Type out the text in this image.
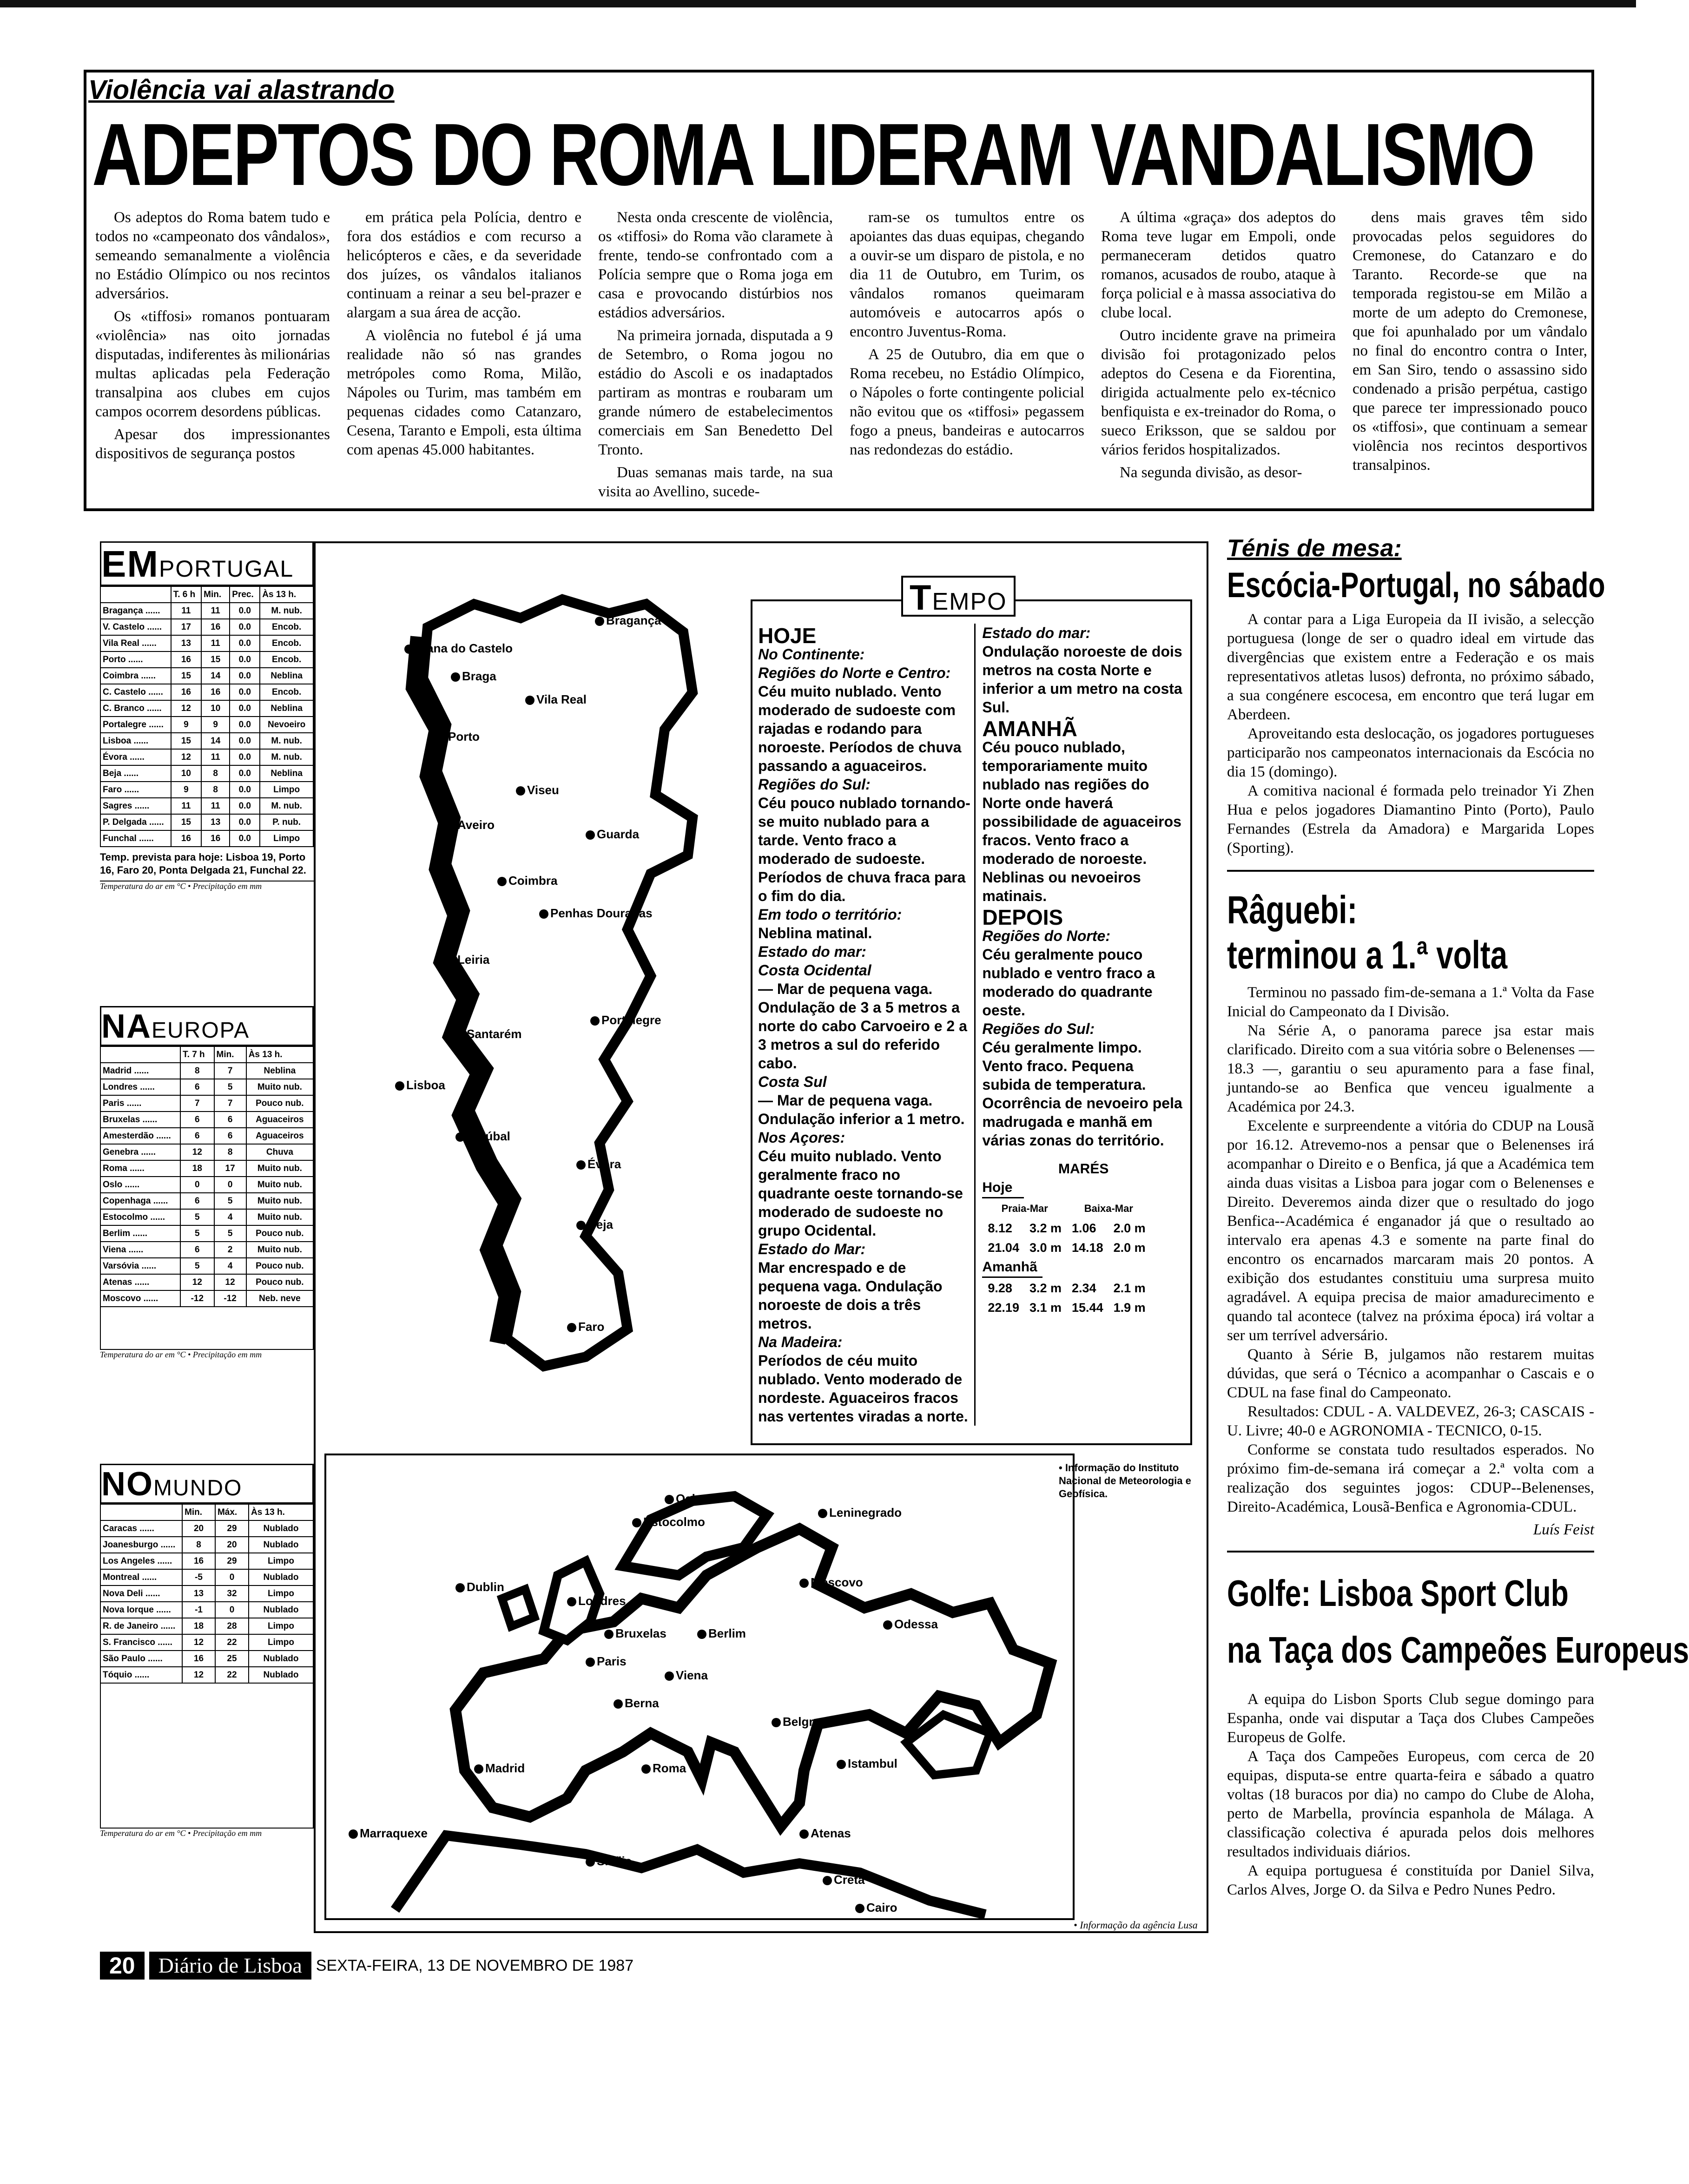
Violência vai alastrando
ADEPTOS DO ROMA LIDERAM VANDALISMO

Os adeptos do Roma batem tudo e todos no «campeonato dos vândalos», semeando semanalmente a violência no Estádio Olímpico ou nos recintos adversários.

Os «tiffosi» romanos pontuaram «violência» nas oito jornadas disputadas, indiferentes às milionárias multas aplicadas pela Federação transalpina aos clubes em cujos campos ocorrem desordens públicas.

Apesar dos impressionantes dispositivos de segurança postos

em prática pela Polícia, dentro e fora dos estádios e com recurso a helicópteros e cães, e da severidade dos juízes, os vândalos italianos continuam a reinar a seu bel-prazer e alargam a sua área de acção.

A violência no futebol é já uma realidade não só nas grandes metrópoles como Roma, Milão, Nápoles ou Turim, mas também em pequenas cidades como Catanzaro, Cesena, Taranto e Empoli, esta última com apenas 45.000 habitantes.

Nesta onda crescente de violência, os «tiffosi» do Roma vão claramete à frente, tendo-se confrontado com a Polícia sempre que o Roma joga em casa e provocando distúrbios nos estádios adversários.

Na primeira jornada, disputada a 9 de Setembro, o Roma jogou no estádio do Ascoli e os inadaptados partiram as montras e roubaram um grande número de estabelecimentos comerciais em San Benedetto Del Tronto.

Duas semanas mais tarde, na sua visita ao Avellino, sucede-

ram-se os tumultos entre os apoiantes das duas equipas, chegando a ouvir-se um disparo de pistola, e no dia 11 de Outubro, em Turim, os vândalos romanos queimaram automóveis e autocarros após o encontro Juventus-Roma.

A 25 de Outubro, dia em que o Roma recebeu, no Estádio Olímpico, o Nápoles o forte contingente policial não evitou que os «tiffosi» pegassem fogo a pneus, bandeiras e autocarros nas redondezas do estádio.

A última «graça» dos adeptos do Roma teve lugar em Empoli, onde permaneceram detidos quatro romanos, acusados de roubo, ataque à força policial e à massa associativa do clube local.

Outro incidente grave na primeira divisão foi protagonizado pelos adeptos do Cesena e da Fiorentina, dirigida actualmente pelo ex-técnico benfiquista e ex-treinador do Roma, o sueco Eriksson, que se saldou por vários feridos hospitalizados.

Na segunda divisão, as desor-

dens mais graves têm sido provocadas pelos seguidores do Cremonese, do Catanzaro e do Taranto. Recorde-se que na temporada registou-se em Milão a morte de um adepto do Cremonese, que foi apunhalado por um vândalo no final do encontro contra o Inter, em San Siro, tendo o assassino sido condenado a prisão perpétua, castigo que parece ter impressionado pouco os «tiffosi», que continuam a semear violência nos recintos desportivos transalpinos.

EMPORTUGAL
	T. 6 h	Min.	Prec.	Às 13 h.
Bragança ......	11	11	0.0	M. nub.
V. Castelo ......	17	16	0.0	Encob.
Vila Real ......	13	11	0.0	Encob.
Porto ......	16	15	0.0	Encob.
Coimbra ......	15	14	0.0	Neblina
C. Castelo ......	16	16	0.0	Encob.
C. Branco ......	12	10	0.0	Neblina
Portalegre ......	9	9	0.0	Nevoeiro
Lisboa ......	15	14	0.0	M. nub.
Évora ......	12	11	0.0	M. nub.
Beja ......	10	8	0.0	Neblina
Faro ......	9	8	0.0	Limpo
Sagres ......	11	11	0.0	M. nub.
P. Delgada ......	15	13	0.0	P. nub.
Funchal ......	16	16	0.0	Limpo
Temp. prevista para hoje: Lisboa 19, Porto 16, Faro 20, Ponta Delgada 21, Funchal 22.
Temperatura do ar em °C • Precipitação em mm
NAEUROPA
	T. 7 h	Min.	Às 13 h.
Madrid ......	8	7	Neblina
Londres ......	6	5	Muito nub.
Paris ......	7	7	Pouco nub.
Bruxelas ......	6	6	Aguaceiros
Amesterdão ......	6	6	Aguaceiros
Genebra ......	12	8	Chuva
Roma ......	18	17	Muito nub.
Oslo ......	0	0	Muito nub.
Copenhaga ......	6	5	Muito nub.
Estocolmo ......	5	4	Muito nub.
Berlim ......	5	5	Pouco nub.
Viena ......	6	2	Muito nub.
Varsóvia ......	5	4	Pouco nub.
Atenas ......	12	12	Pouco nub.
Moscovo ......	-12	-12	Neb. neve
Temperatura do ar em °C • Precipitação em mm
NOMUNDO
	Min.	Máx.	Às 13 h.
Caracas ......	20	29	Nublado
Joanesburgo ......	8	20	Nublado
Los Angeles ......	16	29	Limpo
Montreal ......	-5	0	Nublado
Nova Deli ......	13	32	Limpo
Nova Iorque ......	-1	0	Nublado
R. de Janeiro ......	18	28	Limpo
S. Francisco ......	12	22	Limpo
São Paulo ......	16	25	Nublado
Tóquio ......	12	22	Nublado
Temperatura do ar em °C • Precipitação em mm
Bragança
Viana do Castelo
Braga
Vila Real
Porto
Viseu
Aveiro
Guarda
Coimbra
Penhas Douradas
Leiria
Santarém
Portalegre
Lisboa
Setúbal
Évora
Beja
Faro
TEMPO
HOJE
No Continente:
Regiões do Norte e Centro:
Céu muito nublado. Vento moderado de sudoeste com rajadas e rodando para noroeste. Períodos de chuva passando a aguaceiros.
Regiões do Sul:
Céu pouco nublado tornando-se muito nublado para a tarde. Vento fraco a moderado de sudoeste. Períodos de chuva fraca para o fim do dia.
Em todo o território:
Neblina matinal.
Estado do mar:
Costa Ocidental
— Mar de pequena vaga. Ondulação de 3 a 5 metros a norte do cabo Carvoeiro e 2 a 3 metros a sul do referido cabo.
Costa Sul
— Mar de pequena vaga. Ondulação inferior a 1 metro.
Nos Açores:
Céu muito nublado. Vento geralmente fraco no quadrante oeste tornando-se moderado de sudoeste no grupo Ocidental.
Estado do Mar:
Mar encrespado e de pequena vaga. Ondulação noroeste de dois a três metros.
Na Madeira:
Períodos de céu muito nublado. Vento moderado de nordeste. Aguaceiros fracos nas vertentes viradas a norte.
Estado do mar:
Ondulação noroeste de dois metros na costa Norte e inferior a um metro na costa Sul.
AMANHÃ
Céu pouco nublado, temporariamente muito nublado nas regiões do Norte onde haverá possibilidade de aguaceiros fracos. Vento fraco a moderado de noroeste. Neblinas ou nevoeiros matinais.
DEPOIS
Regiões do Norte:
Céu geralmente pouco nublado e ventro fraco a moderado do quadrante oeste.
Regiões do Sul:
Céu geralmente limpo. Vento fraco. Pequena subida de temperatura. Ocorrência de nevoeiro pela madrugada e manhã em várias zonas do território.
MARÉS
Hoje
Praia-Mar		Baixa-Mar	
8.12	3.2 m	1.06	2.0 m
21.04	3.0 m	14.18	2.0 m
Amanhã
9.28	3.2 m	2.34	2.1 m
22.19	3.1 m	15.44	1.9 m
• Informação do Instituto Nacional de Meteorologia e Geofísica.
Oslo
Estocolmo
Leninegrado
Dublin
Londres
Moscovo
Bruxelas	Berlim
Paris
Odessa
Viena
Berna
Belgrado
Madrid	Roma	Istambul
Marraquexe
Sicília
Atenas
Creta
Cairo
• Informação da agência Lusa
Ténis de mesa:
Escócia-Portugal, no sábado

A contar para a Liga Europeia da II ivisão, a selecção portuguesa (longe de ser o quadro ideal em virtude das divergências que existem entre a Federação e os mais representativos atletas lusos) defronta, no próximo sábado, a sua congénere escocesa, em encontro que terá lugar em Aberdeen.

Aproveitando esta deslocação, os jogadores portugueses participarão nos campeonatos internacionais da Escócia no dia 15 (domingo).

A comitiva nacional é formada pelo treinador Yi Zhen Hua e pelos jogadores Diamantino Pinto (Porto), Paulo Fernandes (Estrela da Amadora) e Margarida Lopes (Sporting).

Râguebi:
terminou a 1.ª volta

Terminou no passado fim-de-semana a 1.ª Volta da Fase Inicial do Campeonato da I Divisão.

Na Série A, o panorama parece jsa estar mais clarificado. Direito com a sua vitória sobre o Belenenses — 18.3 —, garantiu o seu apuramento para a fase final, juntando-se ao Benfica que venceu igualmente a Académica por 24.3.

Excelente e surpreendente a vitória do CDUP na Lousã por 16.12. Atrevemo-nos a pensar que o Belenenses irá acompanhar o Direito e o Benfica, já que a Académica tem ainda duas visitas a Lisboa para jogar com o Belenenses e Direito. Deveremos ainda dizer que o resultado do jogo Benfica--Académica é enganador já que o resultado ao intervalo era apenas 4.3 e somente na parte final do encontro os encarnados marcaram mais 20 pontos. A exibição dos estudantes constituiu uma surpresa muito agradável. A equipa precisa de maior amadurecimento e quando tal acontece (talvez na próxima época) irá voltar a ser um terrível adversário.

Quanto à Série B, julgamos não restarem muitas dúvidas, que será o Técnico a acompanhar o Cascais e o CDUL na fase final do Campeonato.

Resultados: CDUL - A. VALDEVEZ, 26-3; CASCAIS - U. Livre; 40-0 e AGRONOMIA - TECNICO, 0-15.

Conforme se constata tudo resultados esperados. No próximo fim-de-semana irá começar a 2.ª volta com a realização dos seguintes jogos: CDUP--Belenenses, Direito-Académica, Lousã-Benfica e Agronomia-CDUL.

Luís Feist
Golfe: Lisboa Sport Club
na Taça dos Campeões Europeus

A equipa do Lisbon Sports Club segue domingo para Espanha, onde vai disputar a Taça dos Clubes Campeões Europeus de Golfe.

A Taça dos Campeões Europeus, com cerca de 20 equipas, disputa-se entre quarta-feira e sábado a quatro voltas (18 buracos por dia) no campo do Clube de Aloha, perto de Marbella, província espanhola de Málaga. A classificação colectiva é apurada pelos dois melhores resultados individuais diários.

A equipa portuguesa é constituída por Daniel Silva, Carlos Alves, Jorge O. da Silva e Pedro Nunes Pedro.

20	Diário de Lisboa SEXTA-FEIRA, 13 DE NOVEMBRO DE 1987
